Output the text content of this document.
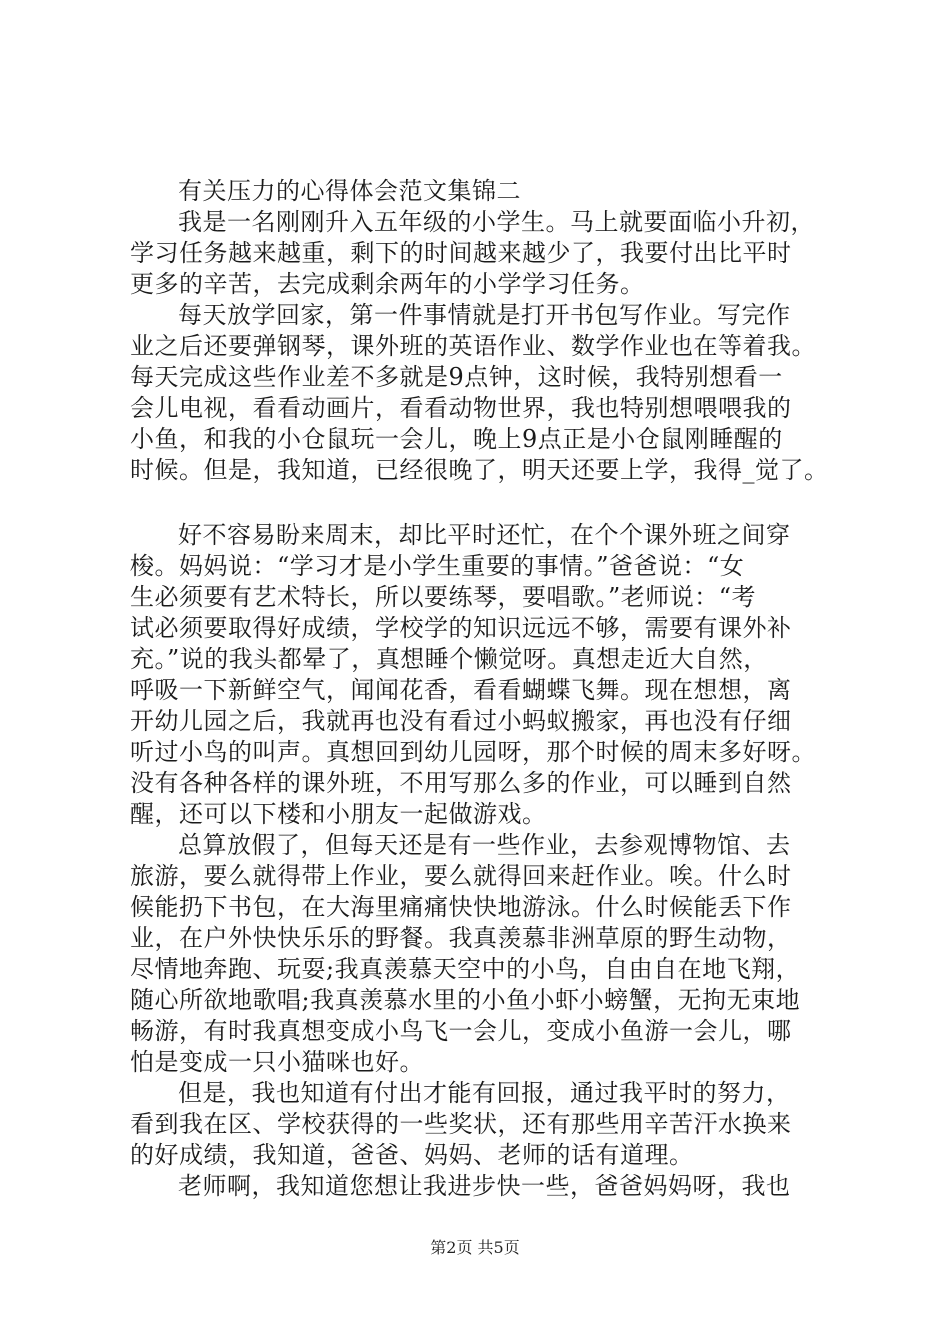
有关压力的心得体会范文集锦二
我是一名刚刚升入五年级的小学生。马上就要面临小升初，
学习任务越来越重，剩下的时间越来越少了，我要付出比平时
更多的辛苦，去完成剩余两年的小学学习任务。
每天放学回家，第一件事情就是打开书包写作业。写完作
业之后还要弹钢琴，课外班的英语作业、数学作业也在等着我。
每天完成这些作业差不多就是9点钟，这时候，我特别想看一
会儿电视，看看动画片，看看动物世界，我也特别想喂喂我的
小鱼，和我的小仓鼠玩一会儿，晚上9点正是小仓鼠刚睡醒的
时候。但是，我知道，已经很晚了，明天还要上学，我得_觉了。
好不容易盼来周末，却比平时还忙，在个个课外班之间穿
梭。妈妈说：“学习才是小学生重要的事情。”爸爸说：“女
生必须要有艺术特长，所以要练琴，要唱歌。”老师说：“考
试必须要取得好成绩，学校学的知识远远不够，需要有课外补
充。”说的我头都晕了，真想睡个懒觉呀。真想走近大自然，
呼吸一下新鲜空气，闻闻花香，看看蝴蝶飞舞。现在想想，离
开幼儿园之后，我就再也没有看过小蚂蚁搬家，再也没有仔细
听过小鸟的叫声。真想回到幼儿园呀，那个时候的周末多好呀。
没有各种各样的课外班，不用写那么多的作业，可以睡到自然
醒，还可以下楼和小朋友一起做游戏。
总算放假了，但每天还是有一些作业，去参观博物馆、去
旅游，要么就得带上作业，要么就得回来赶作业。唉。什么时
候能扔下书包，在大海里痛痛快快地游泳。什么时候能丢下作
业，在户外快快乐乐的野餐。我真羡慕非洲草原的野生动物，
尽情地奔跑、玩耍;我真羡慕天空中的小鸟，自由自在地飞翔，
随心所欲地歌唱;我真羡慕水里的小鱼小虾小螃蟹，无拘无束地
畅游，有时我真想变成小鸟飞一会儿，变成小鱼游一会儿，哪
怕是变成一只小猫咪也好。
但是，我也知道有付出才能有回报，通过我平时的努力，
看到我在区、学校获得的一些奖状，还有那些用辛苦汗水换来
的好成绩，我知道，爸爸、妈妈、老师的话有道理。
老师啊，我知道您想让我进步快一些，爸爸妈妈呀，我也
第2页 共5页
